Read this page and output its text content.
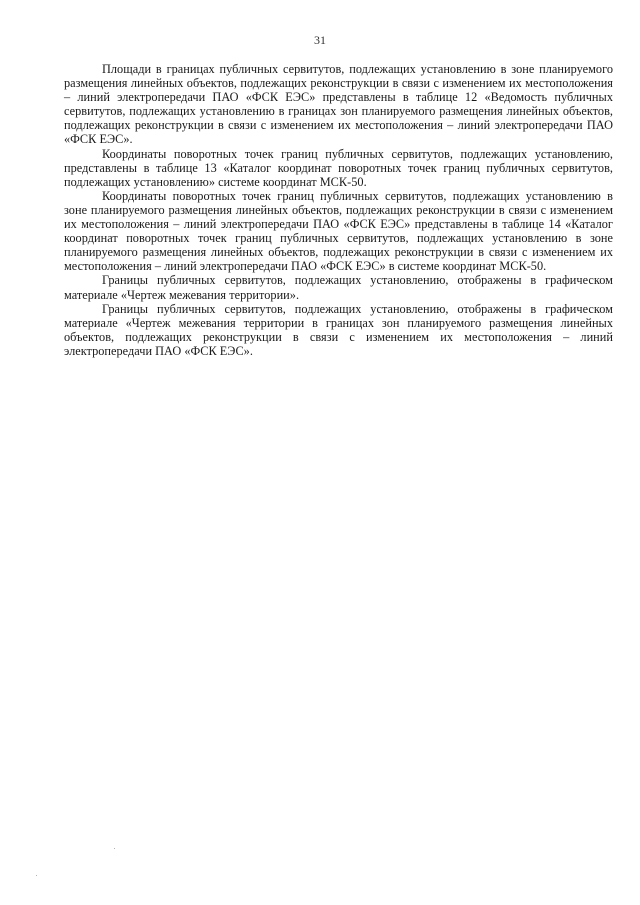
31

Площади в границах публичных сервитутов, подлежащих установлению в зоне планируемого размещения линейных объектов, подлежащих реконструкции в связи с изменением их местоположения – линий электропередачи ПАО «ФСК ЕЭС» представлены в таблице 12 «Ведомость публичных сервитутов, подлежащих установлению в границах зон планируемого размещения линейных объектов, подлежащих реконструкции в связи с изменением их местоположения – линий электропередачи ПАО «ФСК ЕЭС».

Координаты поворотных точек границ публичных сервитутов, подлежащих установлению, представлены в таблице 13 «Каталог координат поворотных точек границ публичных сервитутов, подлежащих установлению» системе координат МСК-50.

Координаты поворотных точек границ публичных сервитутов, подлежащих установлению в зоне планируемого размещения линейных объектов, подлежащих реконструкции в связи с изменением их местоположения – линий электропередачи ПАО «ФСК ЕЭС» представлены в таблице 14 «Каталог координат поворотных точек границ публичных сервитутов, подлежащих установлению в зоне планируемого размещения линейных объектов, подлежащих реконструкции в связи с изменением их местоположения – линий электропередачи ПАО «ФСК ЕЭС» в системе координат МСК-50.

Границы публичных сервитутов, подлежащих установлению, отображены в графическом материале «Чертеж межевания территории».

Границы публичных сервитутов, подлежащих установлению, отображены в графическом материале «Чертеж межевания территории в границах зон планируемого размещения линейных объектов, подлежащих реконструкции в связи с изменением их местоположения – линий электропередачи ПАО «ФСК ЕЭС».
